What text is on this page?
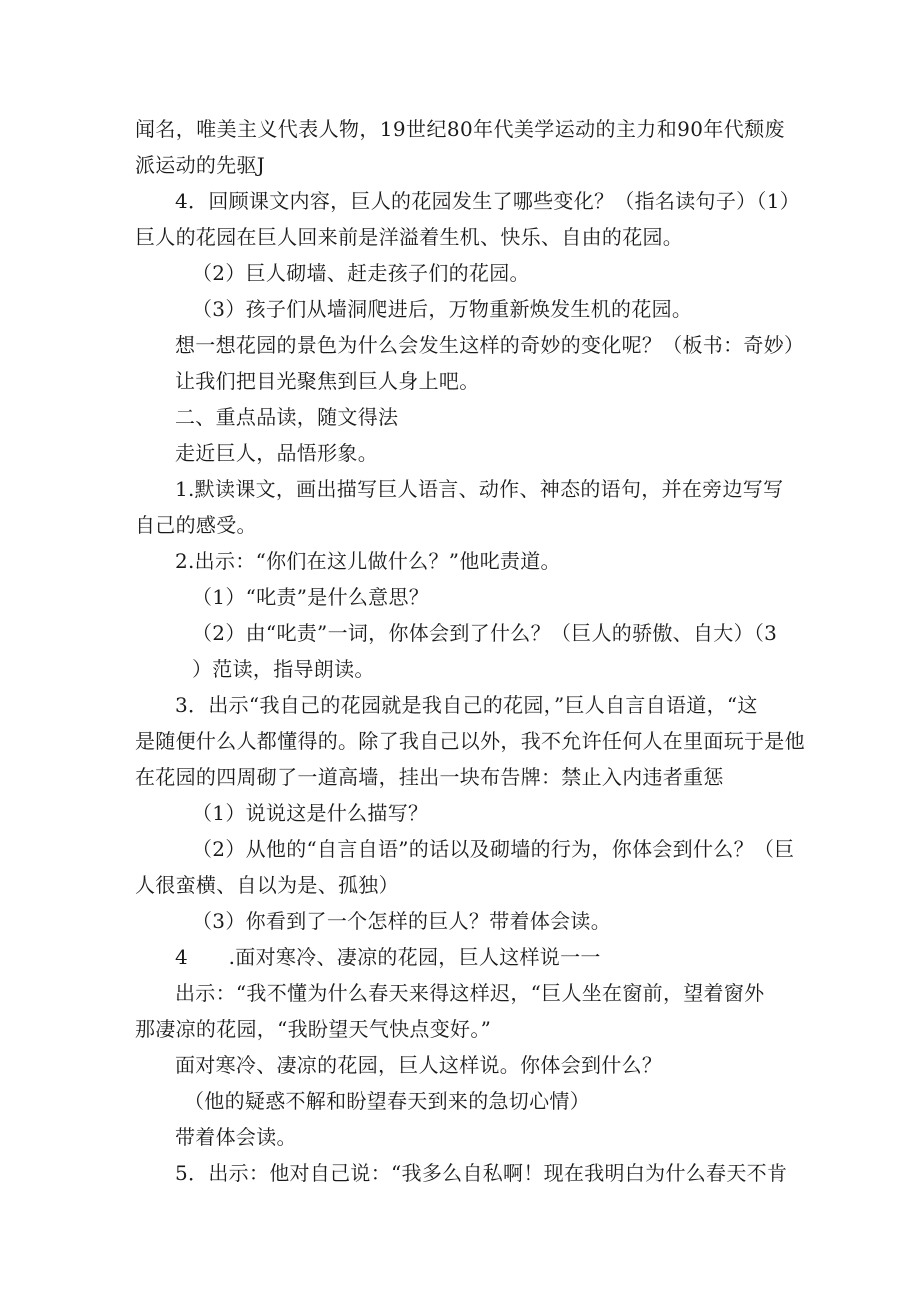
闻名，唯美主义代表人物，19世纪80年代美学运动的主力和90年代颓废
派运动的先驱J
4．回顾课文内容，巨人的花园发生了哪些变化？（指名读句子）（1）
巨人的花园在巨人回来前是洋溢着生机、快乐、自由的花园。
（2）巨人砌墙、赶走孩子们的花园。
（3）孩子们从墙洞爬进后，万物重新焕发生机的花园。
想一想花园的景色为什么会发生这样的奇妙的变化呢？（板书：奇妙）
让我们把目光聚焦到巨人身上吧。
二、重点品读，随文得法
走近巨人，品悟形象。
1.默读课文，画出描写巨人语言、动作、神态的语句，并在旁边写写
自己的感受。
2.出示：“你们在这儿做什么？”他叱责道。
（1）“叱责”是什么意思？
（2）由“叱责”一词，你体会到了什么？（巨人的骄傲、自大）（3
）范读，指导朗读。
3．出示“我自己的花园就是我自己的花园，”巨人自言自语道，“这
是随便什么人都懂得的。除了我自己以外，我不允许任何人在里面玩于是他
在花园的四周砌了一道高墙，挂出一块布告牌：禁止入内违者重惩
（1）说说这是什么描写？
（2）从他的“自言自语”的话以及砌墙的行为，你体会到什么？（巨
人很蛮横、自以为是、孤独）
（3）你看到了一个怎样的巨人？带着体会读。
4　　.面对寒冷、凄凉的花园，巨人这样说一一
出示：“我不懂为什么春天来得这样迟，“巨人坐在窗前，望着窗外
那凄凉的花园，“我盼望天气快点变好。”
面对寒冷、凄凉的花园，巨人这样说。你体会到什么？
（他的疑惑不解和盼望春天到来的急切心情）
带着体会读。
5．出示：他对自己说：“我多么自私啊！现在我明白为什么春天不肯
